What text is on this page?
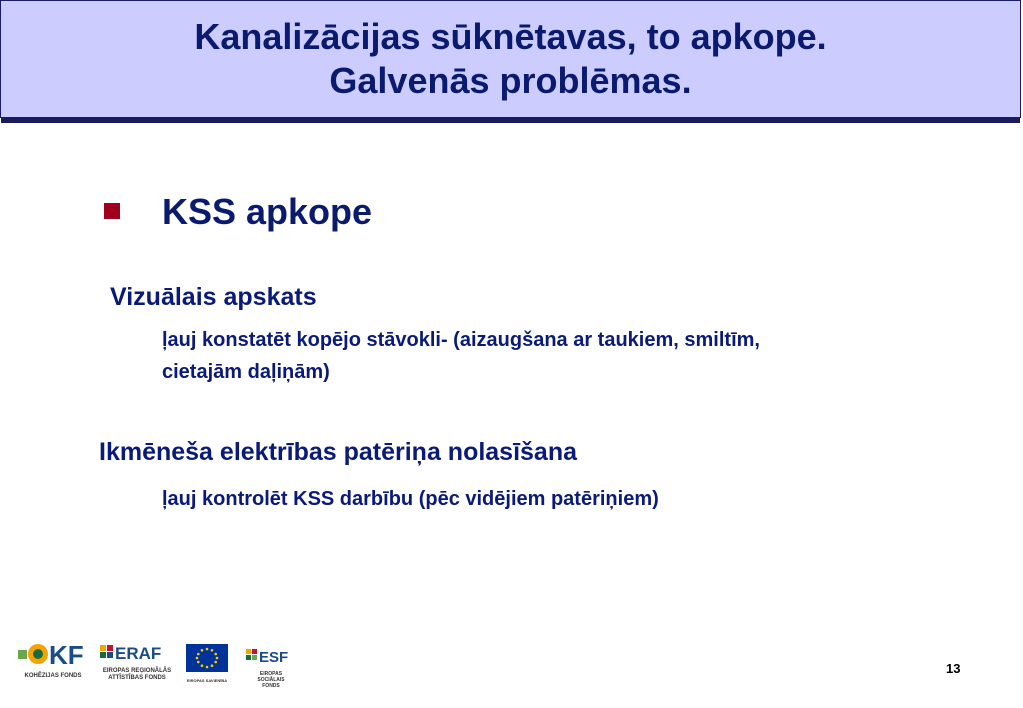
Kanalizācijas sūknētavas, to apkope.
Galvenās problēmas.
KSS apkope
Vizuālais apskats
ļauj konstatēt kopējo stāvokli- (aizaugšana ar taukiem, smiltīm,
cietajām daļiņām)
Ikmēneša elektrības patēriņa nolasīšana
ļauj kontrolēt KSS darbību (pēc vidējiem patēriņiem)
KF
KOHĒZIJAS FONDS
ERAF
EIROPAS REĢIONĀLĀS
ATTĪSTĪBAS FONDS	EIROPAS SAVIENĪBA
ESF
EIROPAS SOCIĀLAIS
FONDS
13
